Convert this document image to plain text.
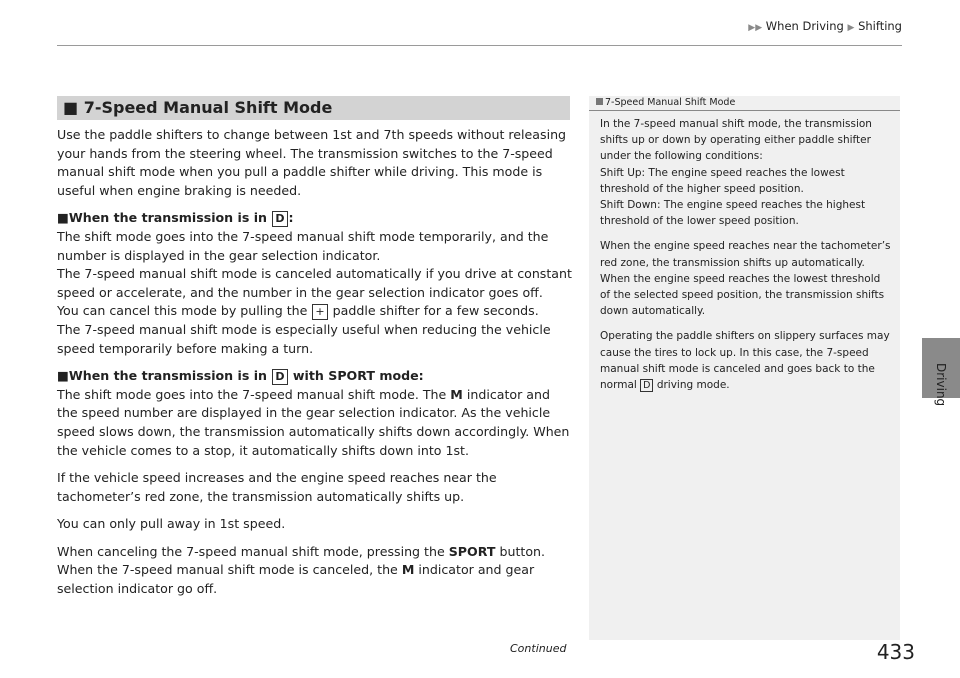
▶▶ When Driving ▶ Shifting
Driving
■ 7-Speed Manual Shift Mode

Use the paddle shifters to change between 1st and 7th speeds without releasing your hands from the steering wheel. The transmission switches to the 7-speed manual shift mode when you pull a paddle shifter while driving. This mode is useful when engine braking is needed.

■When the transmission is in D :

The shift mode goes into the 7-speed manual shift mode temporarily, and the number is displayed in the gear selection indicator.

The 7-speed manual shift mode is canceled automatically if you drive at constant speed or accelerate, and the number in the gear selection indicator goes off.

You can cancel this mode by pulling the + paddle shifter for a few seconds.

The 7-speed manual shift mode is especially useful when reducing the vehicle speed temporarily before making a turn.

■When the transmission is in D with SPORT mode:

The shift mode goes into the 7-speed manual shift mode. The M indicator and the speed number are displayed in the gear selection indicator. As the vehicle speed slows down, the transmission automatically shifts down accordingly. When the vehicle comes to a stop, it automatically shifts down into 1st.

If the vehicle speed increases and the engine speed reaches near the tachometer’s red zone, the transmission automatically shifts up.

You can only pull away in 1st speed.

When canceling the 7-speed manual shift mode, pressing the SPORT button. When the 7-speed manual shift mode is canceled, the M indicator and gear selection indicator go off.

7-Speed Manual Shift Mode

In the 7-speed manual shift mode, the transmission shifts up or down by operating either paddle shifter under the following conditions:

Shift Up: The engine speed reaches the lowest threshold of the higher speed position.

Shift Down: The engine speed reaches the highest threshold of the lower speed position.

When the engine speed reaches near the tachometer’s red zone, the transmission shifts up automatically.

When the engine speed reaches the lowest threshold of the selected speed position, the transmission shifts down automatically.

Operating the paddle shifters on slippery surfaces may cause the tires to lock up. In this case, the 7-speed manual shift mode is canceled and goes back to the normal D driving mode.

Continued	433
